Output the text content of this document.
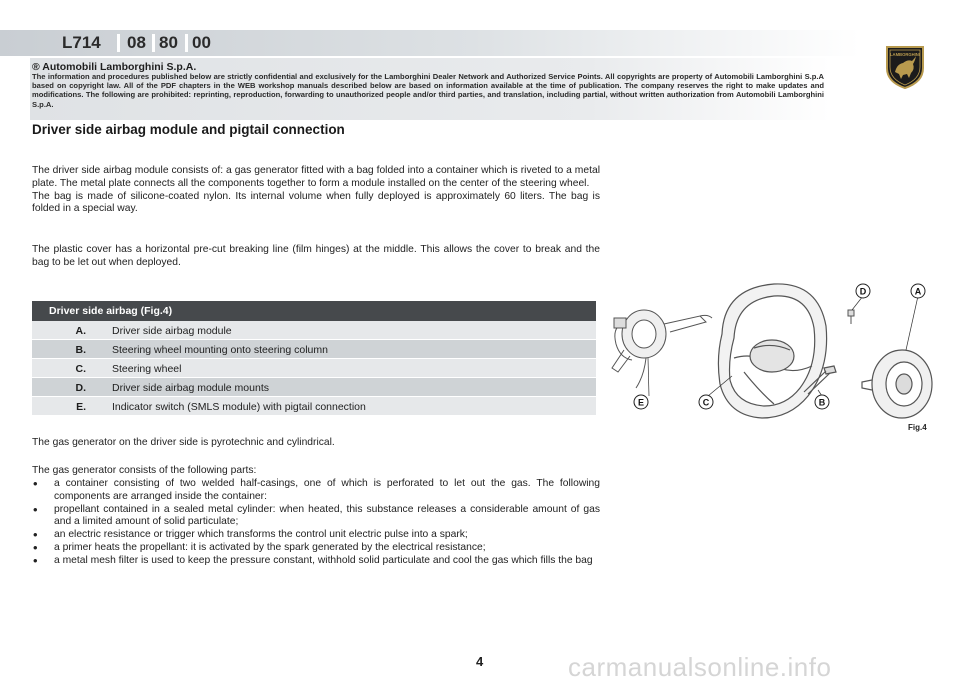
L714 08 80 00
® Automobili Lamborghini S.p.A.
The information and procedures published below are strictly confidential and exclusively for the Lamborghini Dealer Network and Authorized Service Points. All copyrights are property of Automobili Lamborghini S.p.A based on copyright law. All of the PDF chapters in the WEB workshop manuals described below are based on information available at the time of publication. The company reserves the right to make updates and modifications. The following are prohibited: reprinting, reproduction, forwarding to unauthorized people and/or third parties, and translation, including partial, without written authorization from Automobili Lamborghini S.p.A.
LAMBORGHINI
Driver side airbag module and pigtail connection
The driver side airbag module consists of: a gas generator fitted with a bag folded into a container which is riveted to a metal plate. The metal plate connects all the components together to form a module installed on the center of the steering wheel.
The bag is made of silicone-coated nylon. Its internal volume when fully deployed is approximately 60 liters. The bag is folded in a special way.
The plastic cover has a horizontal pre-cut breaking line (film hinges) at the middle. This allows the cover to break and the bag to be let out when deployed.
Driver side airbag (Fig.4)
A. Driver side airbag module
B. Steering wheel mounting onto steering column
C. Steering wheel
D. Driver side airbag module mounts
E. Indicator switch (SMLS module) with pigtail connection
The gas generator on the driver side is pyrotechnic and cylindrical.
The gas generator consists of the following parts:
• a container consisting of two welded half-casings, one of which is perforated to let out the gas. The following components are arranged inside the container:
• propellant contained in a sealed metal cylinder: when heated, this substance releases a considerable amount of gas and a limited amount of solid particulate;
• an electric resistance or trigger which transforms the control unit electric pulse into a spark;
• a primer heats the propellant: it is activated by the spark generated by the electrical resistance;
• a metal mesh filter is used to keep the pressure constant, withhold solid particulate and cool the gas which fills the bag
D	A
E	C	B
Fig.4
4	carmanualsonline.info
